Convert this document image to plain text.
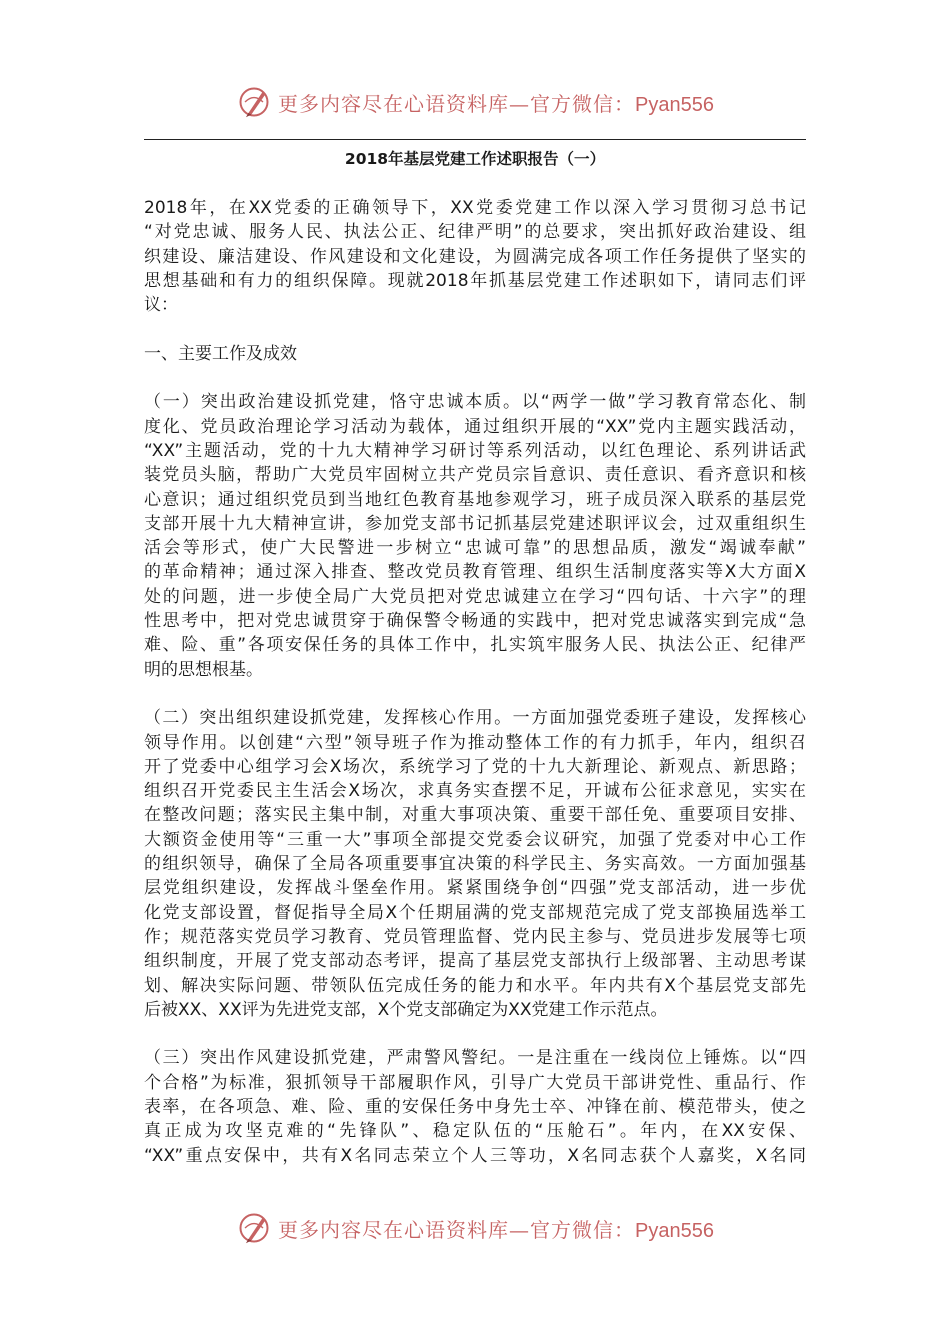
更多内容尽在心语资料库—官方微信：Pyan556
2018年基层党建工作述职报告（一）
2018年，在XX党委的正确领导下，XX党委党建工作以深入学习贯彻习总书记
“对党忠诚、服务人民、执法公正、纪律严明”的总要求，突出抓好政治建设、组
织建设、廉洁建设、作风建设和文化建设，为圆满完成各项工作任务提供了坚实的
思想基础和有力的组织保障。现就2018年抓基层党建工作述职如下，请同志们评
议：
一、主要工作及成效
（一）突出政治建设抓党建，恪守忠诚本质。以“两学一做”学习教育常态化、制
度化、党员政治理论学习活动为载体，通过组织开展的“XX”党内主题实践活动，
“XX”主题活动，党的十九大精神学习研讨等系列活动，以红色理论、系列讲话武
装党员头脑，帮助广大党员牢固树立共产党员宗旨意识、责任意识、看齐意识和核
心意识；通过组织党员到当地红色教育基地参观学习，班子成员深入联系的基层党
支部开展十九大精神宣讲，参加党支部书记抓基层党建述职评议会，过双重组织生
活会等形式，使广大民警进一步树立“忠诚可靠”的思想品质，激发“竭诚奉献”
的革命精神；通过深入排查、整改党员教育管理、组织生活制度落实等X大方面X
处的问题，进一步使全局广大党员把对党忠诚建立在学习“四句话、十六字”的理
性思考中，把对党忠诚贯穿于确保警令畅通的实践中，把对党忠诚落实到完成“急
难、险、重”各项安保任务的具体工作中，扎实筑牢服务人民、执法公正、纪律严
明的思想根基。
（二）突出组织建设抓党建，发挥核心作用。一方面加强党委班子建设，发挥核心
领导作用。以创建“六型”领导班子作为推动整体工作的有力抓手，年内，组织召
开了党委中心组学习会X场次，系统学习了党的十九大新理论、新观点、新思路；
组织召开党委民主生活会X场次，求真务实查摆不足，开诚布公征求意见，实实在
在整改问题；落实民主集中制，对重大事项决策、重要干部任免、重要项目安排、
大额资金使用等“三重一大”事项全部提交党委会议研究，加强了党委对中心工作
的组织领导，确保了全局各项重要事宜决策的科学民主、务实高效。一方面加强基
层党组织建设，发挥战斗堡垒作用。紧紧围绕争创“四强”党支部活动，进一步优
化党支部设置，督促指导全局X个任期届满的党支部规范完成了党支部换届选举工
作；规范落实党员学习教育、党员管理监督、党内民主参与、党员进步发展等七项
组织制度，开展了党支部动态考评，提高了基层党支部执行上级部署、主动思考谋
划、解决实际问题、带领队伍完成任务的能力和水平。年内共有X个基层党支部先
后被XX、XX评为先进党支部，X个党支部确定为XX党建工作示范点。
（三）突出作风建设抓党建，严肃警风警纪。一是注重在一线岗位上锤炼。以“四
个合格”为标准，狠抓领导干部履职作风，引导广大党员干部讲党性、重品行、作
表率，在各项急、难、险、重的安保任务中身先士卒、冲锋在前、模范带头，使之
真正成为攻坚克难的“先锋队”、稳定队伍的“压舱石”。年内，在XX安保、
“XX”重点安保中，共有X名同志荣立个人三等功，X名同志获个人嘉奖，X名同
更多内容尽在心语资料库—官方微信：Pyan556
